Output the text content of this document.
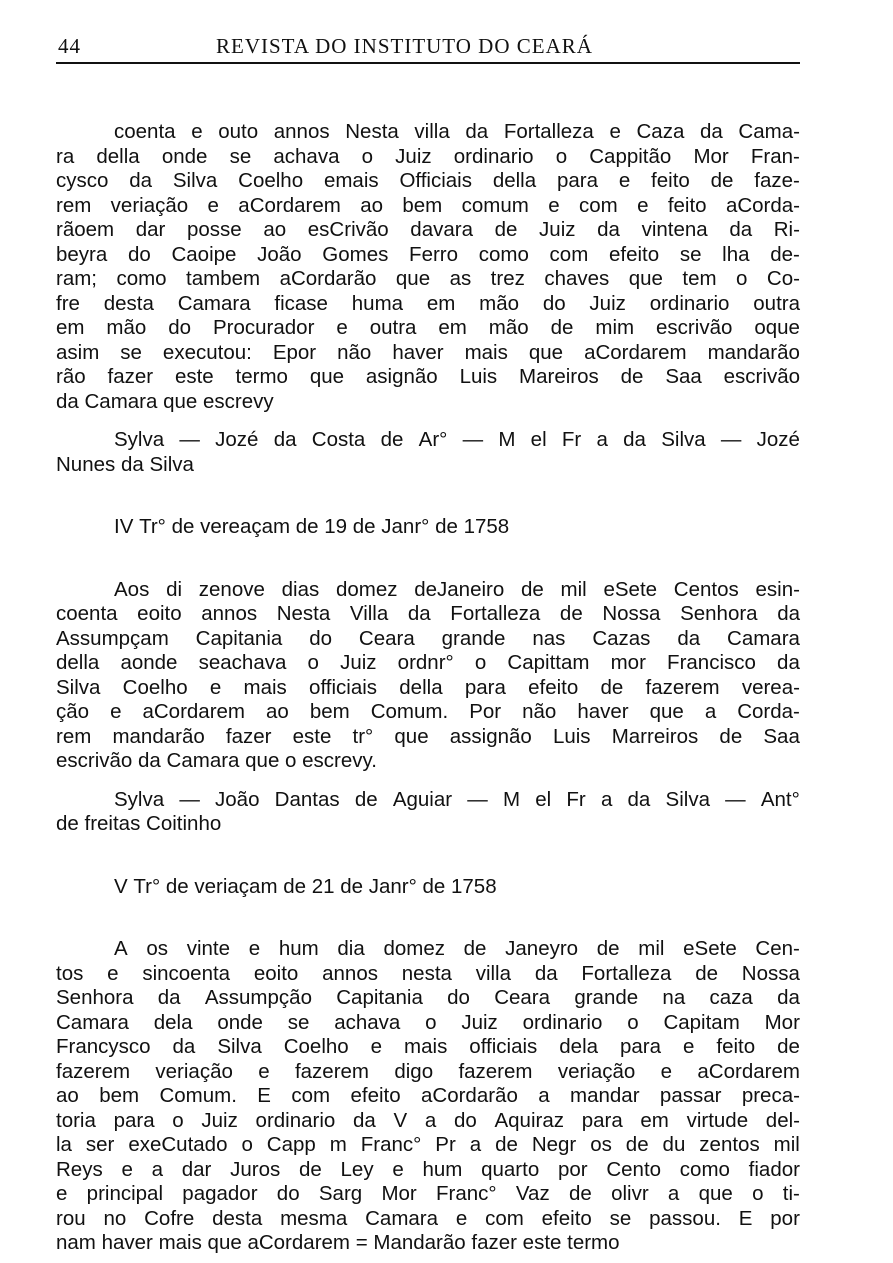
44	REVISTA DO INSTITUTO DO CEARÁ
coenta e outo annos Nesta villa da Fortalleza e Caza da Cama-
ra della onde se achava o Juiz ordinario o Cappitão Mor Fran-
cysco da Silva Coelho emais Officiais della para e feito de faze-
rem veriação e aCordarem ao bem comum e com e feito aCorda-
rãoem dar posse ao esCrivão davara de Juiz da vintena da Ri-
beyra do Caoipe João Gomes Ferro como com efeito se lha de-
ram; como tambem aCordarão que as trez chaves que tem o Co-
fre desta Camara ficase huma em mão do Juiz ordinario outra
em mão do Procurador e outra em mão de mim escrivão oque
asim se executou: Epor não haver mais que aCordarem mandarão
rão fazer este termo que asignão Luis Mareiros de Saa escrivão
da Camara que escrevy
Sylva — Jozé da Costa de Ar° — M el Fr a da Silva — Jozé
Nunes da Silva
IV Tr° de vereaçam de 19 de Janr° de 1758
Aos di zenove dias domez deJaneiro de mil eSete Centos esin-
coenta eoito annos Nesta Villa da Fortalleza de Nossa Senhora da
Assumpçam Capitania do Ceara grande nas Cazas da Camara
della aonde seachava o Juiz ordnr° o Capittam mor Francisco da
Silva Coelho e mais officiais della para efeito de fazerem verea-
ção e aCordarem ao bem Comum. Por não haver que a Corda-
rem mandarão fazer este tr° que assignão Luis Marreiros de Saa
escrivão da Camara que o escrevy.
Sylva — João Dantas de Aguiar — M el Fr a da Silva — Ant°
de freitas Coitinho
V Tr° de veriaçam de 21 de Janr° de 1758
A os vinte e hum dia domez de Janeyro de mil eSete Cen-
tos e sincoenta eoito annos nesta villa da Fortalleza de Nossa
Senhora da Assumpção Capitania do Ceara grande na caza da
Camara dela onde se achava o Juiz ordinario o Capitam Mor
Francysco da Silva Coelho e mais officiais dela para e feito de
fazerem veriação e fazerem digo fazerem veriação e aCordarem
ao bem Comum. E com efeito aCordarão a mandar passar preca-
toria para o Juiz ordinario da V a do Aquiraz para em virtude del-
la ser exeCutado o Capp m Franc° Pr a de Negr os de du zentos mil
Reys e a dar Juros de Ley e hum quarto por Cento como fiador
e principal pagador do Sarg Mor Franc° Vaz de olivr a que o ti-
rou no Cofre desta mesma Camara e com efeito se passou. E por
nam haver mais que aCordarem = Mandarão fazer este termo
